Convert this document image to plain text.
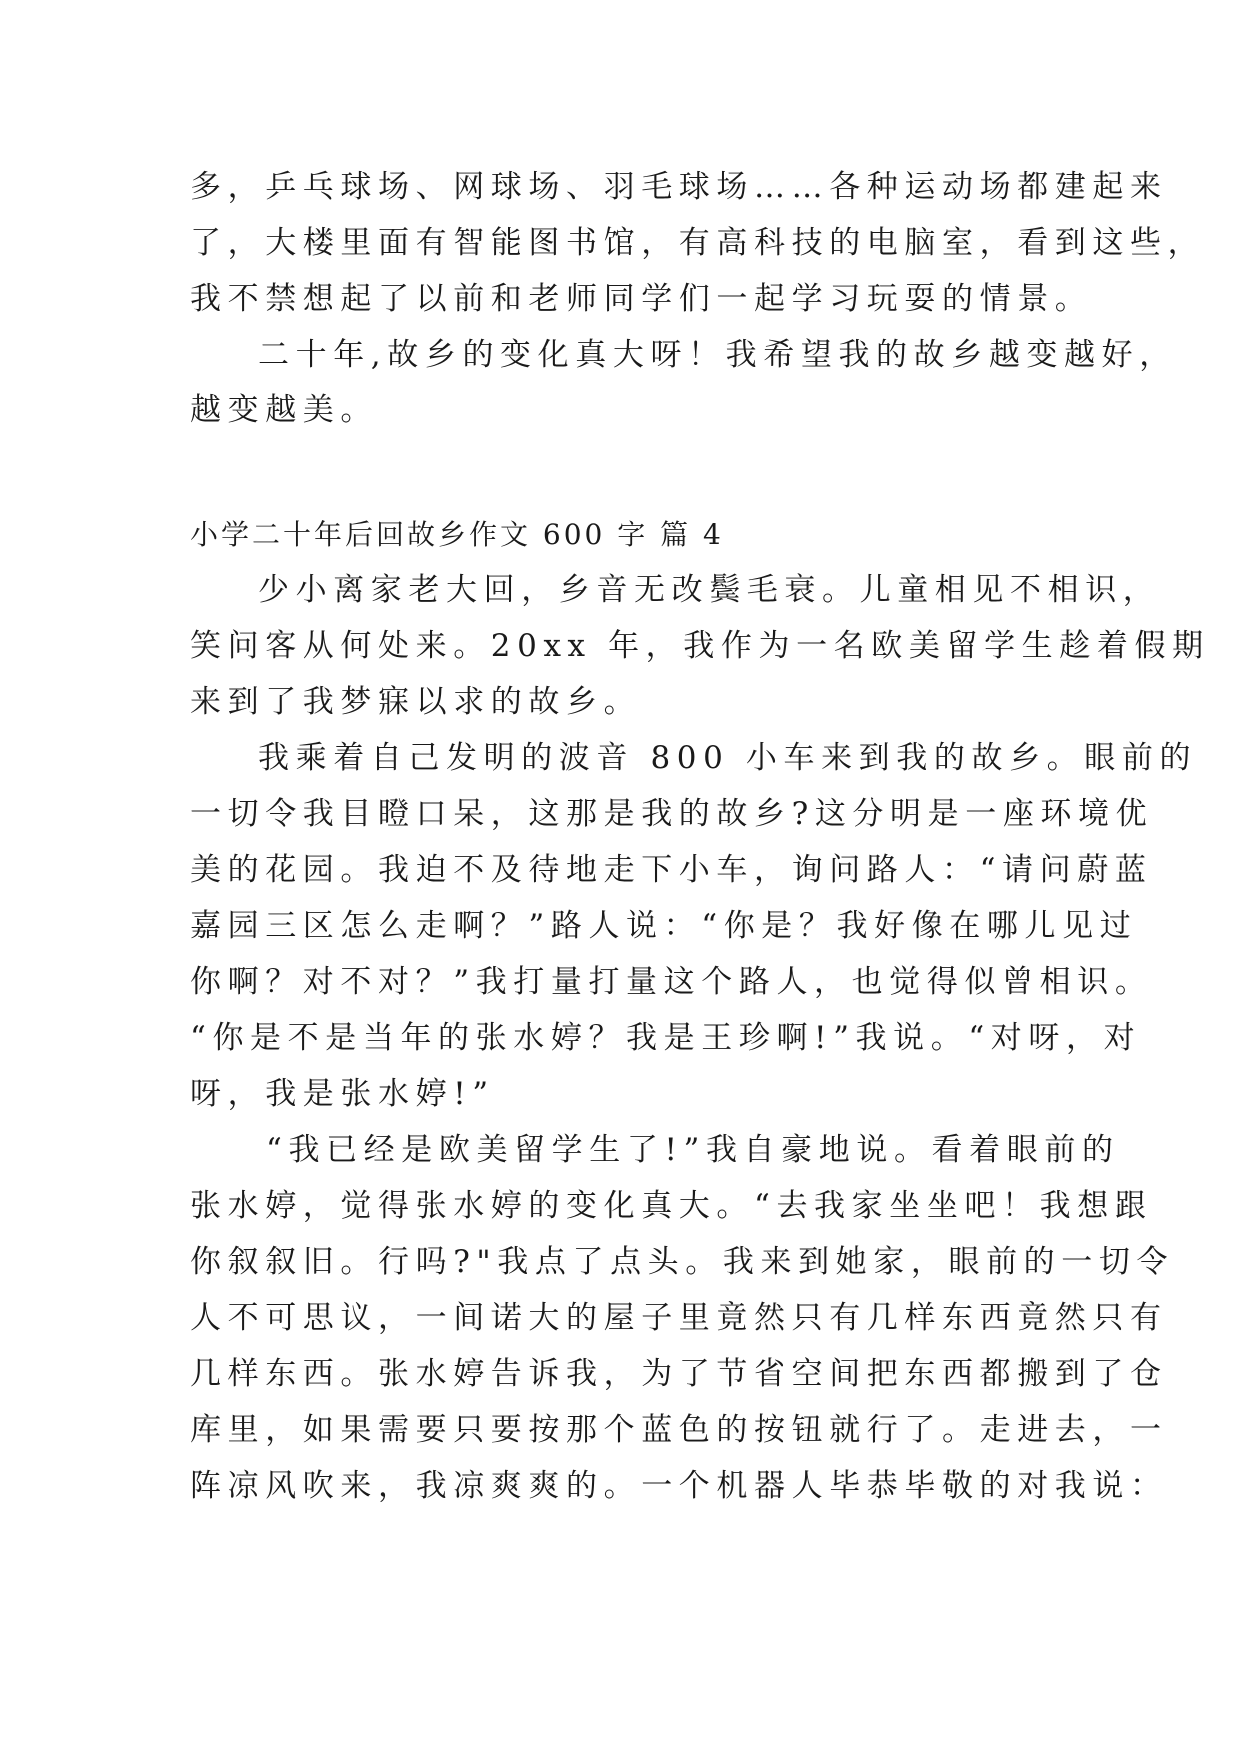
多，乒乓球场、网球场、羽毛球场……各种运动场都建起来
了，大楼里面有智能图书馆，有高科技的电脑室，看到这些，
我不禁想起了以前和老师同学们一起学习玩耍的情景。
二十年,故乡的变化真大呀！我希望我的故乡越变越好，
越变越美。
小学二十年后回故乡作文 600 字 篇 4
少小离家老大回，乡音无改鬓毛衰。儿童相见不相识，
笑问客从何处来。20xx 年，我作为一名欧美留学生趁着假期
来到了我梦寐以求的故乡。
我乘着自己发明的波音 800 小车来到我的故乡。眼前的
一切令我目瞪口呆，这那是我的故乡?这分明是一座环境优
美的花园。我迫不及待地走下小车，询问路人：“请问蔚蓝
嘉园三区怎么走啊？”路人说：“你是？我好像在哪儿见过
你啊？对不对？”我打量打量这个路人，也觉得似曾相识。
“你是不是当年的张水婷？我是王珍啊!”我说。“对呀，对
呀，我是张水婷!”
“我已经是欧美留学生了!”我自豪地说。看着眼前的
张水婷，觉得张水婷的变化真大。“去我家坐坐吧！我想跟
你叙叙旧。行吗?"我点了点头。我来到她家，眼前的一切令
人不可思议，一间诺大的屋子里竟然只有几样东西竟然只有
几样东西。张水婷告诉我，为了节省空间把东西都搬到了仓
库里，如果需要只要按那个蓝色的按钮就行了。走进去，一
阵凉风吹来，我凉爽爽的。一个机器人毕恭毕敬的对我说：
